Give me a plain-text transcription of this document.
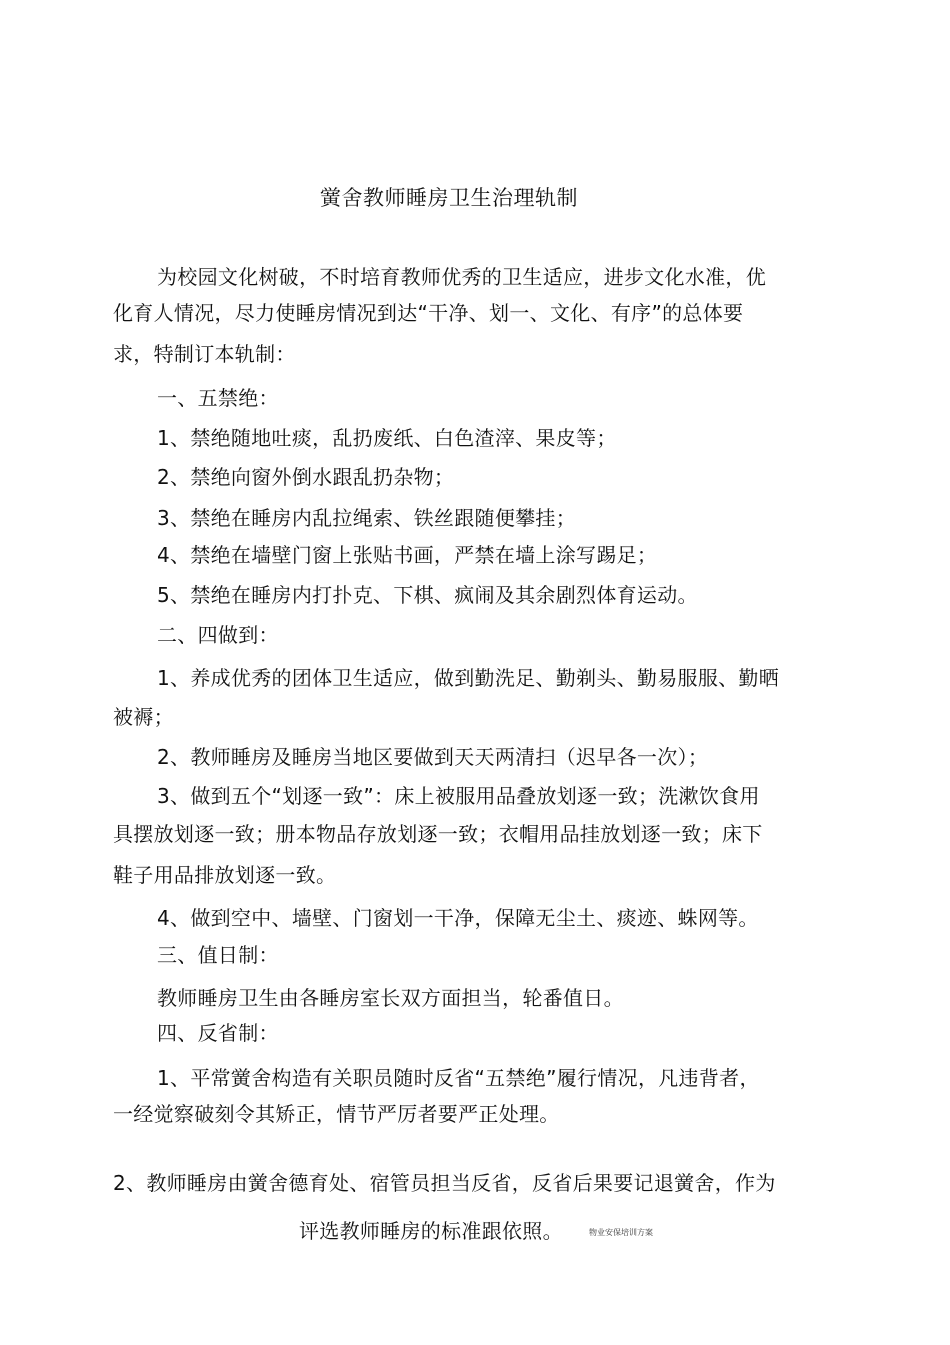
黉舍教师睡房卫生治理轨制
为校园文化树破，不时培育教师优秀的卫生适应，进步文化水准，优
化育人情况，尽力使睡房情况到达“干净、划一、文化、有序”的总体要
求，特制订本轨制：
一、五禁绝：
1、禁绝随地吐痰，乱扔废纸、白色渣滓、果皮等；
2、禁绝向窗外倒水跟乱扔杂物；
3、禁绝在睡房内乱拉绳索、铁丝跟随便攀挂；
4、禁绝在墙壁门窗上张贴书画，严禁在墙上涂写踢足；
5、禁绝在睡房内打扑克、下棋、疯闹及其余剧烈体育运动。
二、四做到：
1、养成优秀的团体卫生适应，做到勤洗足、勤剃头、勤易服服、勤晒
被褥；
2、教师睡房及睡房当地区要做到天天两清扫（迟早各一次）；
3、做到五个“划逐一致”：床上被服用品叠放划逐一致；洗漱饮食用
具摆放划逐一致；册本物品存放划逐一致；衣帽用品挂放划逐一致；床下
鞋子用品排放划逐一致。
4、做到空中、墙壁、门窗划一干净，保障无尘土、痰迹、蛛网等。
三、值日制：
教师睡房卫生由各睡房室长双方面担当，轮番值日。
四、反省制：
1、平常黉舍构造有关职员随时反省“五禁绝”履行情况，凡违背者，
一经觉察破刻令其矫正，情节严厉者要严正处理。
2、教师睡房由黉舍德育处、宿管员担当反省，反省后果要记退黉舍，作为
评选教师睡房的标准跟依照。	物业安保培训方案
